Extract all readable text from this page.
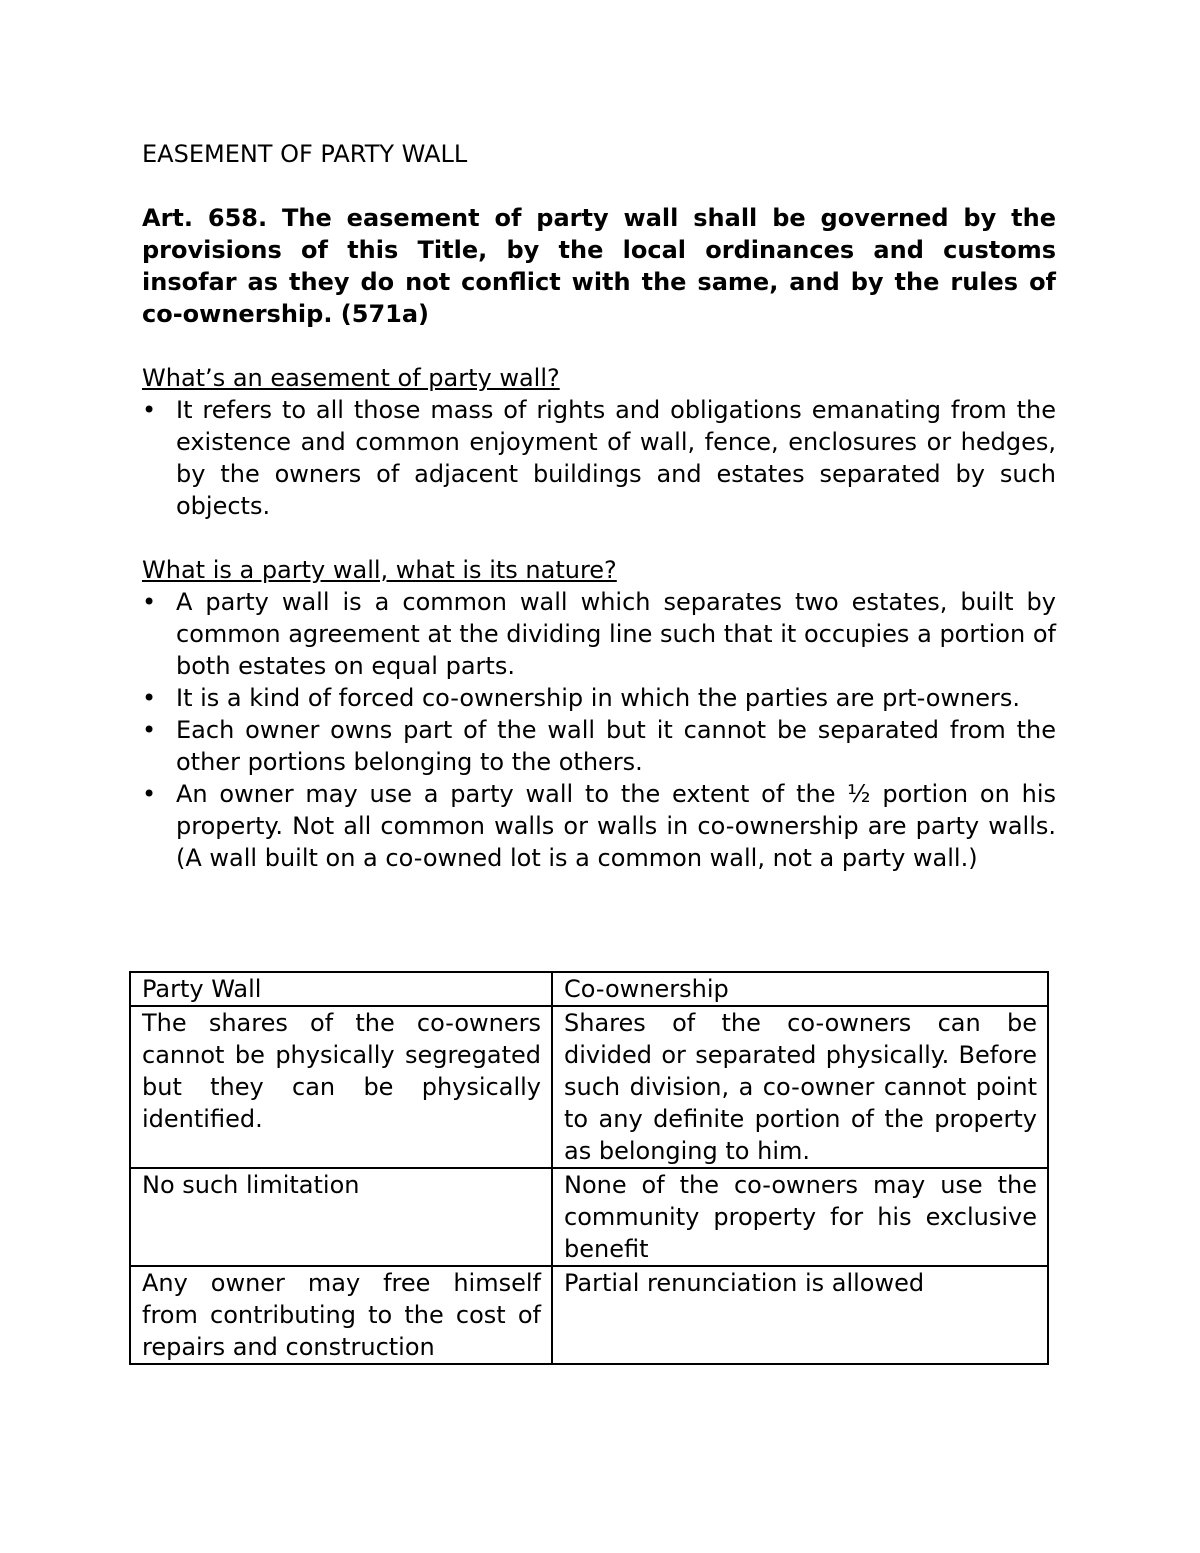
EASEMENT OF PARTY WALL

Art. 658. The easement of party wall shall be governed by the provisions of this Title, by the local ordinances and customs insofar as they do not conflict with the same, and by the rules of co-ownership. (571a)

What’s an easement of party wall?

• It refers to all those mass of rights and obligations emanating from the existence and common enjoyment of wall, fence, enclosures or hedges, by the owners of adjacent buildings and estates separated by such objects.

What is a party wall, what is its nature?

• A party wall is a common wall which separates two estates, built by common agreement at the dividing line such that it occupies a portion of both estates on equal parts.
• It is a kind of forced co-ownership in which the parties are prt-owners.
• Each owner owns part of the wall but it cannot be separated from the other portions belonging to the others.
• An owner may use a party wall to the extent of the ½ portion on his property. Not all common walls or walls in co-ownership are party walls. (A wall built on a co-owned lot is a common wall, not a party wall.)
Party Wall	Co-ownership
The shares of the co-owners cannot be physically segregated but they can be physically identified.	Shares of the co-owners can be divided or separated physically. Before such division, a co-owner cannot point to any definite portion of the property as belonging to him.
No such limitation	None of the co-owners may use the community property for his exclusive benefit
Any owner may free himself from contributing to the cost of repairs and construction	Partial renunciation is allowed
